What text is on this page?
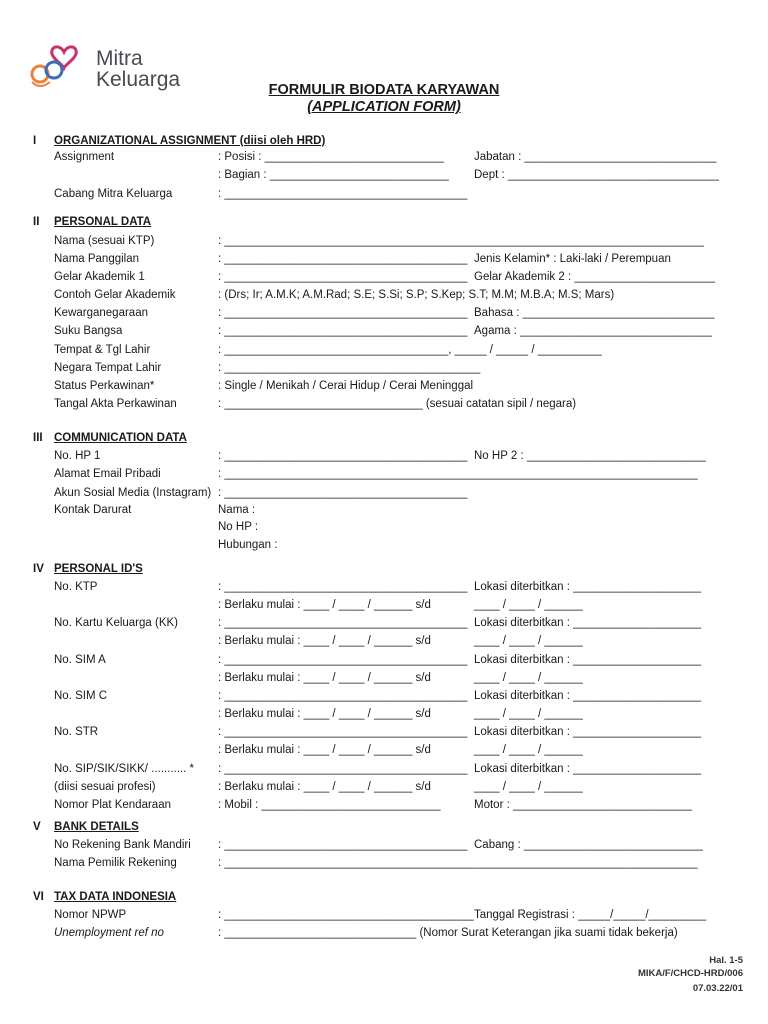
Mitra
Keluarga	FORMULIR BIODATA KARYAWAN
(APPLICATION FORM)
I ORGANIZATIONAL ASSIGNMENT (diisi oleh HRD)
Assignment	: Posisi : ____________________________	Jabatan : ______________________________
: Bagian : ____________________________ Dept : _________________________________
Cabang Mitra Keluarga	: ______________________________________
II PERSONAL DATA
Nama (sesuai KTP)	: ___________________________________________________________________________
Nama Panggilan	: ______________________________________ Jenis Kelamin* : Laki-laki / Perempuan
Gelar Akademik 1	: ______________________________________ Gelar Akademik 2 : ______________________
Contoh Gelar Akademik	: (Drs; Ir; A.M.K; A.M.Rad; S.E; S.Si; S.P; S.Kep; S.T; M.M; M.B.A; M.S; Mars)
Kewarganegaraan	: ______________________________________ Bahasa : ______________________________
Suku Bangsa	: ______________________________________ Agama : ______________________________
Tempat & Tgl Lahir	: ___________________________________, _____ / _____ / __________
Negara Tempat Lahir	: ________________________________________
Status Perkawinan*	: Single / Menikah / Cerai Hidup / Cerai Meninggal
Tangal Akta Perkawinan	: _______________________________ (sesuai catatan sipil / negara)
III COMMUNICATION DATA
No. HP 1	: ______________________________________ No HP 2 : ____________________________
Alamat Email Pribadi	: __________________________________________________________________________
Akun Sosial Media (Instagram) : ______________________________________
Kontak Darurat	Nama :
No HP :
Hubungan :
IV PERSONAL ID'S
No. KTP	: ______________________________________ Lokasi diterbitkan : ____________________
: Berlaku mulai : ____ / ____ / ______ s/d	____ / ____ / ______
No. Kartu Keluarga (KK)	: ______________________________________ Lokasi diterbitkan : ____________________
: Berlaku mulai : ____ / ____ / ______ s/d	____ / ____ / ______
No. SIM A	: ______________________________________ Lokasi diterbitkan : ____________________
: Berlaku mulai : ____ / ____ / ______ s/d	____ / ____ / ______
No. SIM C	: ______________________________________ Lokasi diterbitkan : ____________________
: Berlaku mulai : ____ / ____ / ______ s/d	____ / ____ / ______
No. STR	: ______________________________________ Lokasi diterbitkan : ____________________
: Berlaku mulai : ____ / ____ / ______ s/d	____ / ____ / ______
No. SIP/SIK/SIKK/ ........... * : ______________________________________ Lokasi diterbitkan : ____________________
(diisi sesuai profesi)	: Berlaku mulai : ____ / ____ / ______ s/d	____ / ____ / ______
Nomor Plat Kendaraan	: Mobil : ____________________________	Motor : ____________________________
V BANK DETAILS
No Rekening Bank Mandiri : ______________________________________ Cabang : ____________________________
Nama Pemilik Rekening	: __________________________________________________________________________
VI TAX DATA INDONESIA
Nomor NPWP	: _______________________________________ Tanggal Registrasi : _____/_____/_________
Unemployment ref no	: ______________________________ (Nomor Surat Keterangan jika suami tidak bekerja)
Hal. 1-5
MIKA/F/CHCD-HRD/006
07.03.22/01
